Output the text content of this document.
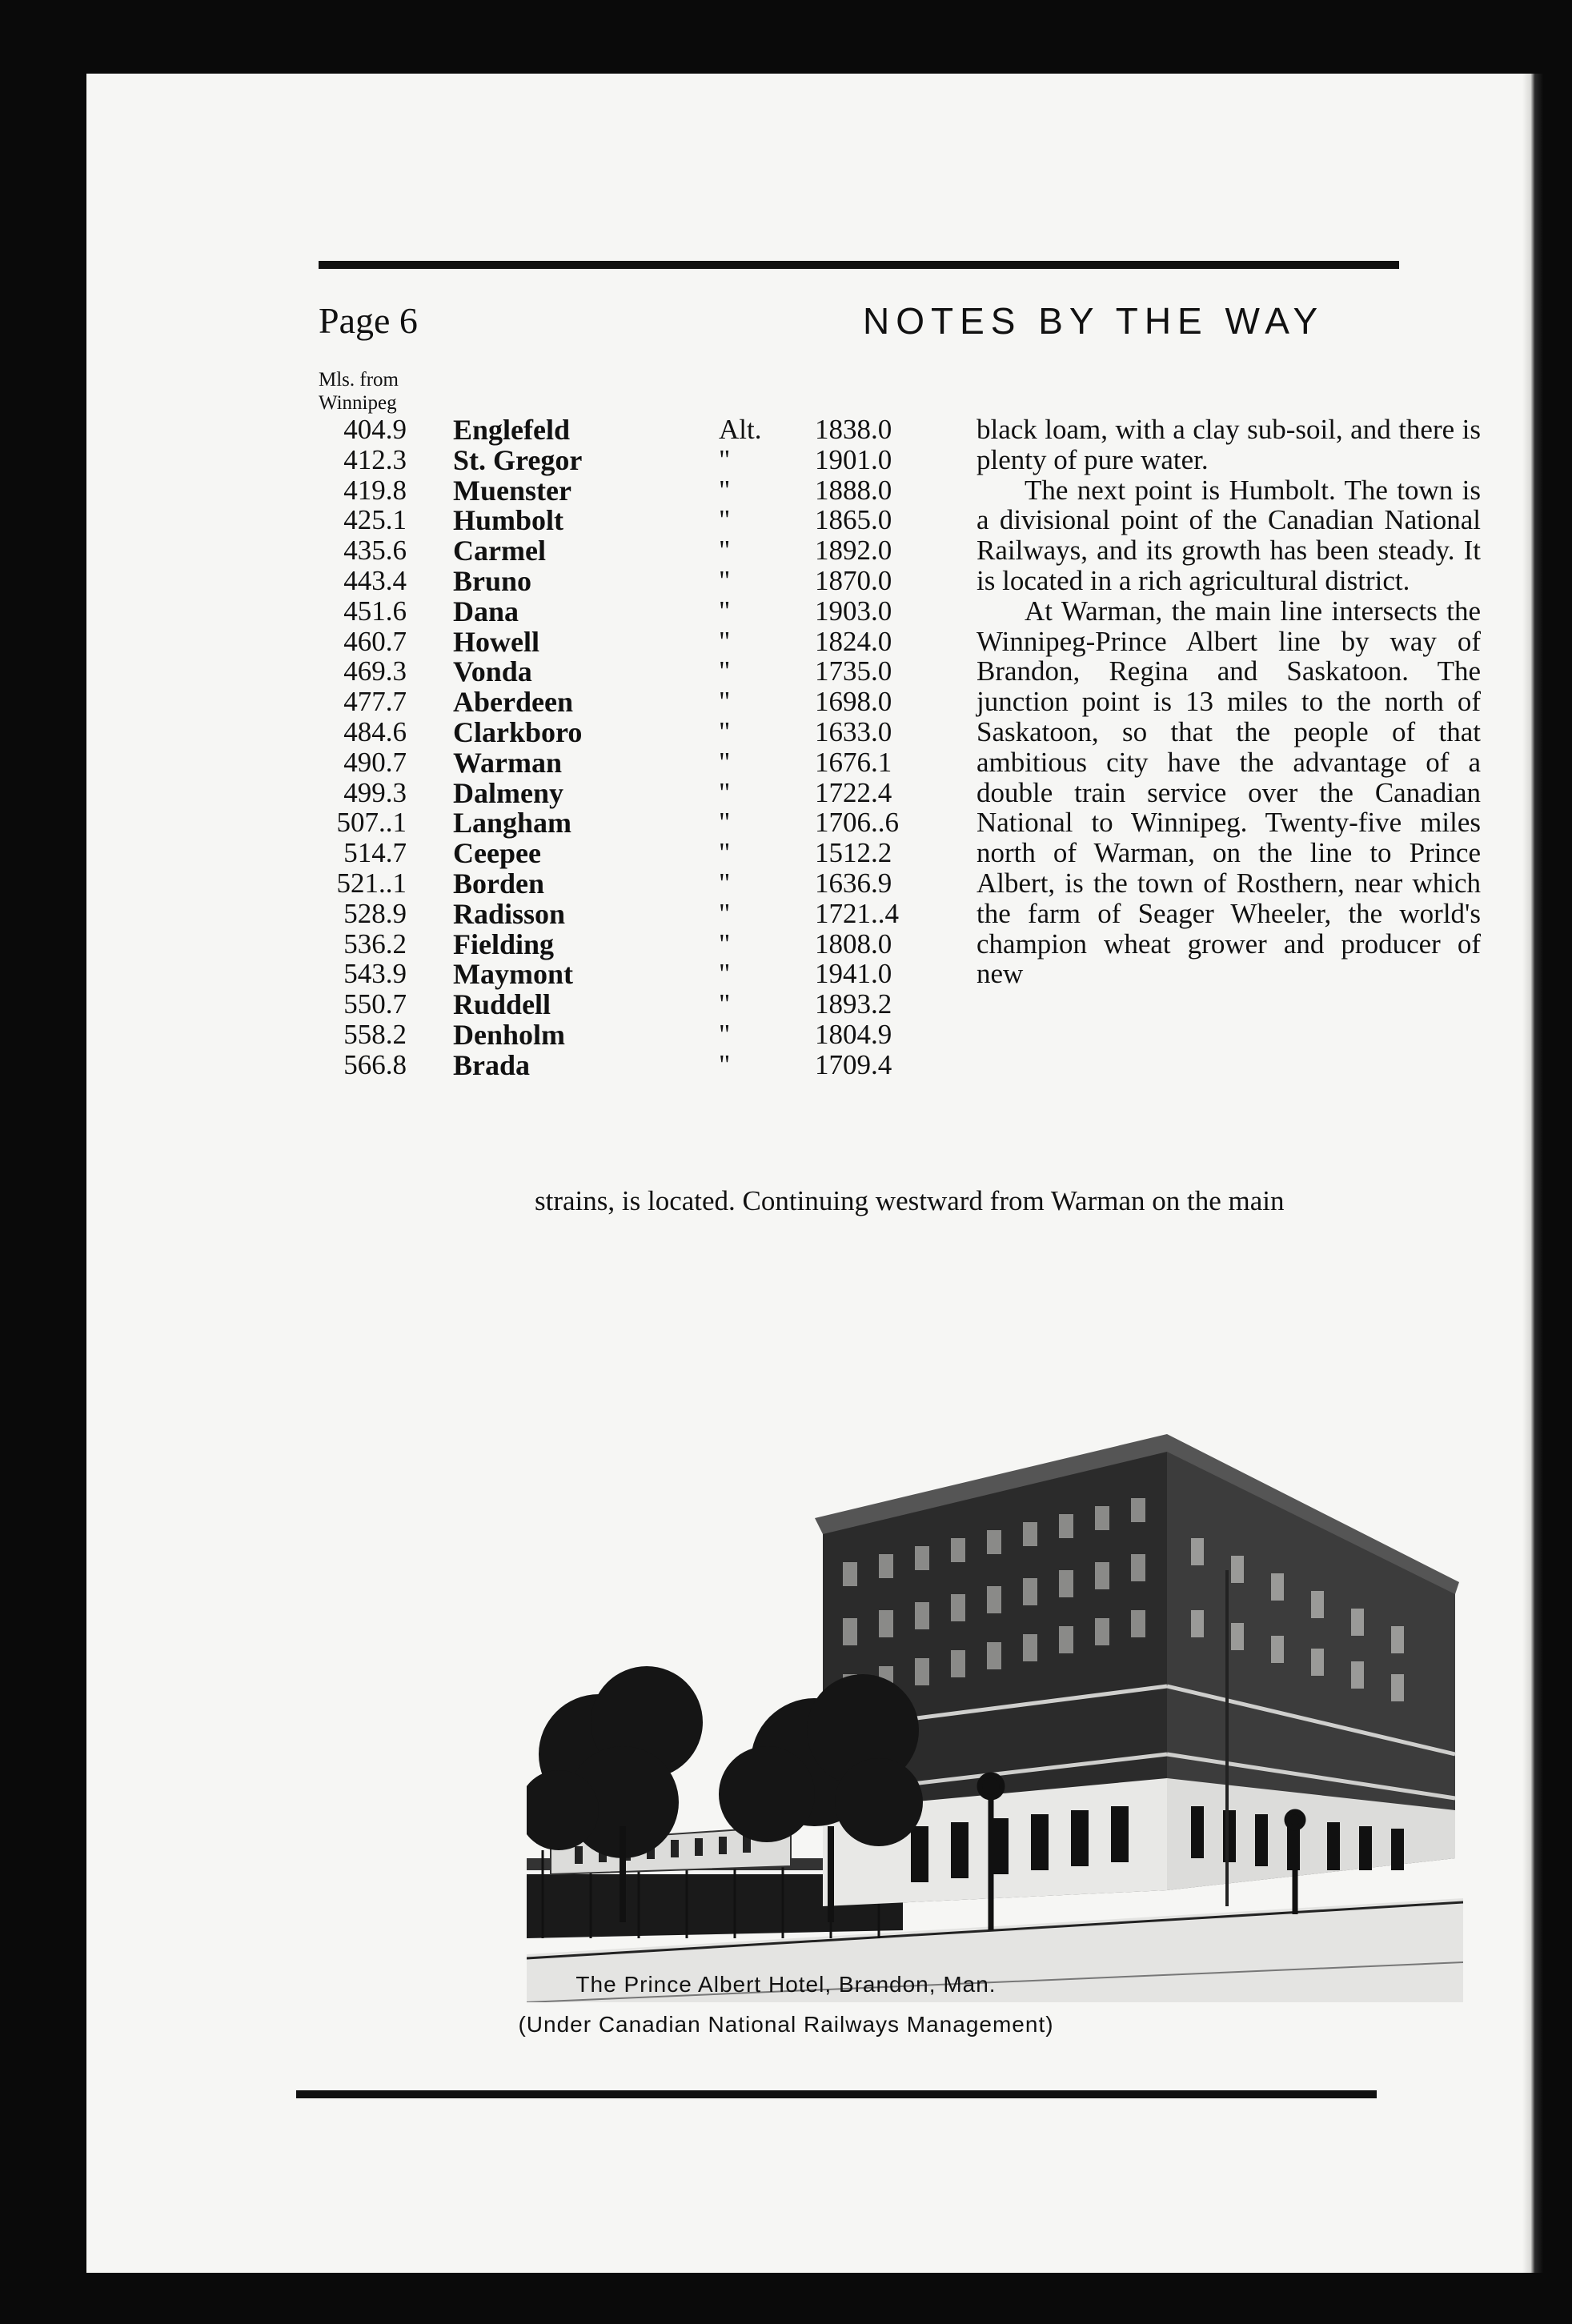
Page 6	NOTES BY THE WAY
Mls. from
Winnipeg
404.9 Englefeld	Alt.	1838.0
412.3 St. Gregor	"	1901.0
419.8 Muenster	"	1888.0
425.1 Humbolt	"	1865.0
435.6 Carmel	"	1892.0
443.4 Bruno	"	1870.0
451.6 Dana	"	1903.0
460.7 Howell	"	1824.0
469.3 Vonda	"	1735.0
477.7 Aberdeen	"	1698.0
484.6 Clarkboro	"	1633.0
490.7 Warman	"	1676.1
499.3 Dalmeny	"	1722.4
507..1 Langham	"	1706..6
514.7 Ceepee	"	1512.2
521..1 Borden	"	1636.9
528.9 Radisson	"	1721..4
536.2 Fielding	"	1808.0
543.9 Maymont	"	1941.0
550.7 Ruddell	"	1893.2
558.2 Denholm	"	1804.9
566.8 Brada	"	1709.4

black loam, with a clay sub-soil, and there is plenty of pure water.

The next point is Humbolt. The town is a divisional point of the Canadian National Railways, and its growth has been steady. It is located in a rich agricultural district.

At Warman, the main line intersects the Winnipeg-Prince Albert line by way of Brandon, Regina and Saskatoon. The junction point is 13 miles to the north of Saskatoon, so that the people of that ambitious city have the advantage of a double train service over the Canadian National to Winnipeg. Twenty-five miles north of Warman, on the line to Prince Albert, is the town of Rosthern, near which the farm of Seager Wheeler, the world's champion wheat grower and producer of new

strains, is located. Continuing westward from Warman on the main
The Prince Albert Hotel, Brandon, Man.
(Under Canadian National Railways Management)
